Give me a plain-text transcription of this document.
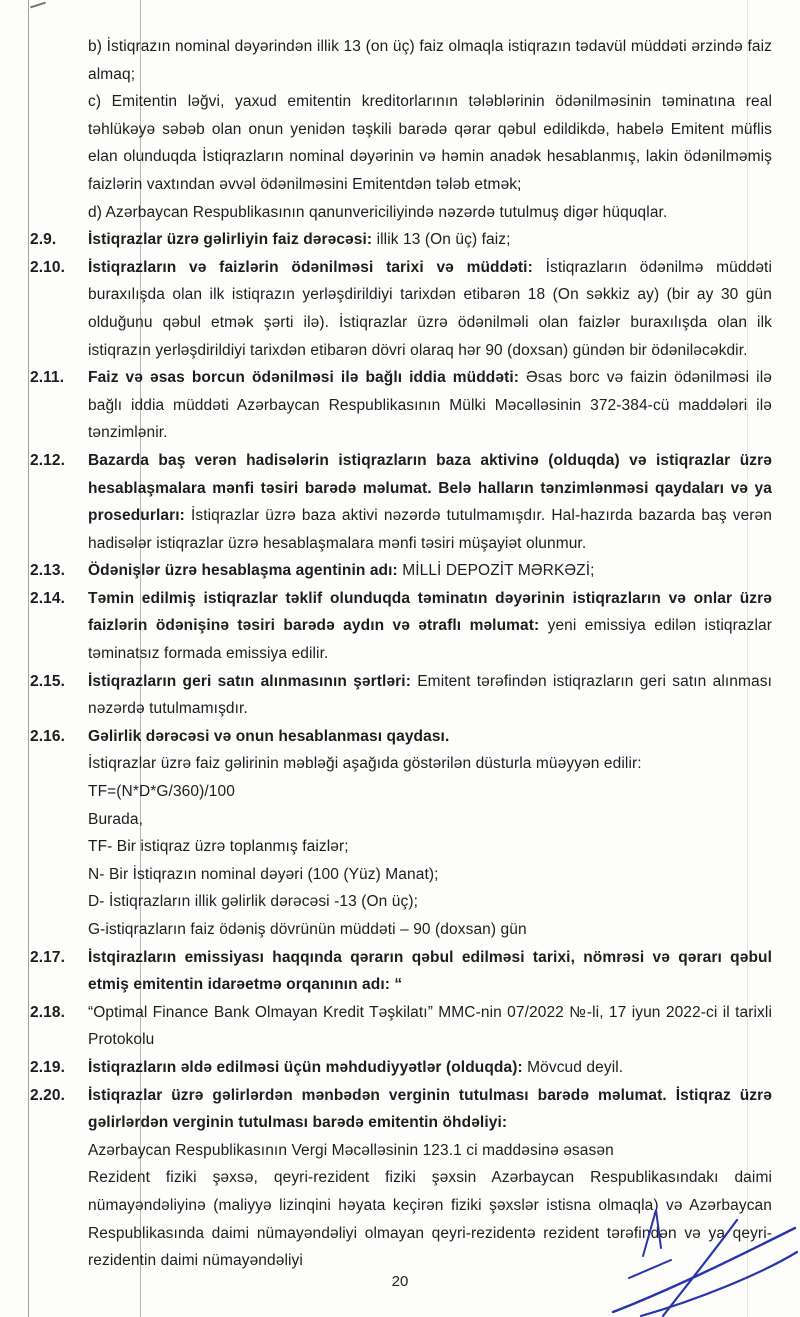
b) İstiqrazın nominal dəyərindən illik 13 (on üç) faiz olmaqla istiqrazın tədavül müddəti ərzində faiz almaq;
c) Emitentin ləğvi, yaxud emitentin kreditorlarının tələblərinin ödənilməsinin təminatına real təhlükəyə səbəb olan onun yenidən təşkili barədə qərar qəbul edildikdə, habelə Emitent müflis elan olunduqda İstiqrazların nominal dəyərinin və həmin anadək hesablanmış, lakin ödənilməmiş faizlərin vaxtından əvvəl ödənilməsini Emitentdən tələb etmək;
d) Azərbaycan Respublikasının qanunvericiliyində nəzərdə tutulmuş digər hüquqlar.
2.9.	İstiqrazlar üzrə gəlirliyin faiz dərəcəsi: illik 13 (On üç) faiz;
2.10.	İstiqrazların və faizlərin ödənilməsi tarixi və müddəti: İstiqrazların ödənilmə müddəti buraxılışda olan ilk istiqrazın yerləşdirildiyi tarixdən etibarən 18 (On səkkiz ay) (bir ay 30 gün olduğunu qəbul etmək şərti ilə). İstiqrazlar üzrə ödənilməli olan faizlər buraxılışda olan ilk istiqrazın yerləşdirildiyi tarixdən etibarən dövri olaraq hər 90 (doxsan) gündən bir ödəniləcəkdir.
2.11.	Faiz və əsas borcun ödənilməsi ilə bağlı iddia müddəti: Əsas borc və faizin ödənilməsi ilə bağlı iddia müddəti Azərbaycan Respublikasının Mülki Məcəlləsinin 372-384-cü maddələri ilə tənzimlənir.
2.12.	Bazarda baş verən hadisələrin istiqrazların baza aktivinə (olduqda) və istiqrazlar üzrə hesablaşmalara mənfi təsiri barədə məlumat. Belə halların tənzimlənməsi qaydaları və ya prosedurları: İstiqrazlar üzrə baza aktivi nəzərdə tutulmamışdır. Hal-hazırda bazarda baş verən hadisələr istiqrazlar üzrə hesablaşmalara mənfi təsiri müşayiət olunmur.
2.13.	Ödənişlər üzrə hesablaşma agentinin adı: MİLLİ DEPOZİT MƏRKƏZİ;
2.14.	Təmin edilmiş istiqrazlar təklif olunduqda təminatın dəyərinin istiqrazların və onlar üzrə faizlərin ödənişinə təsiri barədə aydın və ətraflı məlumat: yeni emissiya edilən istiqrazlar təminatsız formada emissiya edilir.
2.15.	İstiqrazların geri satın alınmasının şərtləri: Emitent tərəfindən istiqrazların geri satın alınması nəzərdə tutulmamışdır.
2.16.	Gəlirlik dərəcəsi və onun hesablanması qaydası.
İstiqrazlar üzrə faiz gəlirinin məbləği aşağıda göstərilən düsturla müəyyən edilir:
TF=(N*D*G/360)/100
Burada,
TF- Bir istiqraz üzrə toplanmış faizlər;
N- Bir İstiqrazın nominal dəyəri (100 (Yüz) Manat);
D- İstiqrazların illik gəlirlik dərəcəsi -13 (On üç);
G-istiqrazların faiz ödəniş dövrünün müddəti – 90 (doxsan) gün
2.17.	İstqirazların emissiyası haqqında qərarın qəbul edilməsi tarixi, nömrəsi və qərarı qəbul etmiş emitentin idarəetmə orqanının adı: “
2.18.	“Optimal Finance Bank Olmayan Kredit Təşkilatı” MMC-nin 07/2022 №-li, 17 iyun 2022-ci il tarixli Protokolu
2.19.	İstiqrazların əldə edilməsi üçün məhdudiyyətlər (olduqda): Mövcud deyil.
2.20.	İstiqrazlar üzrə gəlirlərdən mənbədən verginin tutulması barədə məlumat. İstiqraz üzrə gəlirlərdən verginin tutulması barədə emitentin öhdəliyi:
Azərbaycan Respublikasının Vergi Məcəlləsinin 123.1 ci maddəsinə əsasən
Rezident fiziki şəxsə, qeyri-rezident fiziki şəxsin Azərbaycan Respublikasındakı daimi nümayəndəliyinə (maliyyə lizinqini həyata keçirən fiziki şəxslər istisna olmaqla) və Azərbaycan Respublikasında daimi nümayəndəliyi olmayan qeyri-rezidentə rezident tərəfindən və ya qeyri-rezidentin daimi nümayəndəliyi
20
